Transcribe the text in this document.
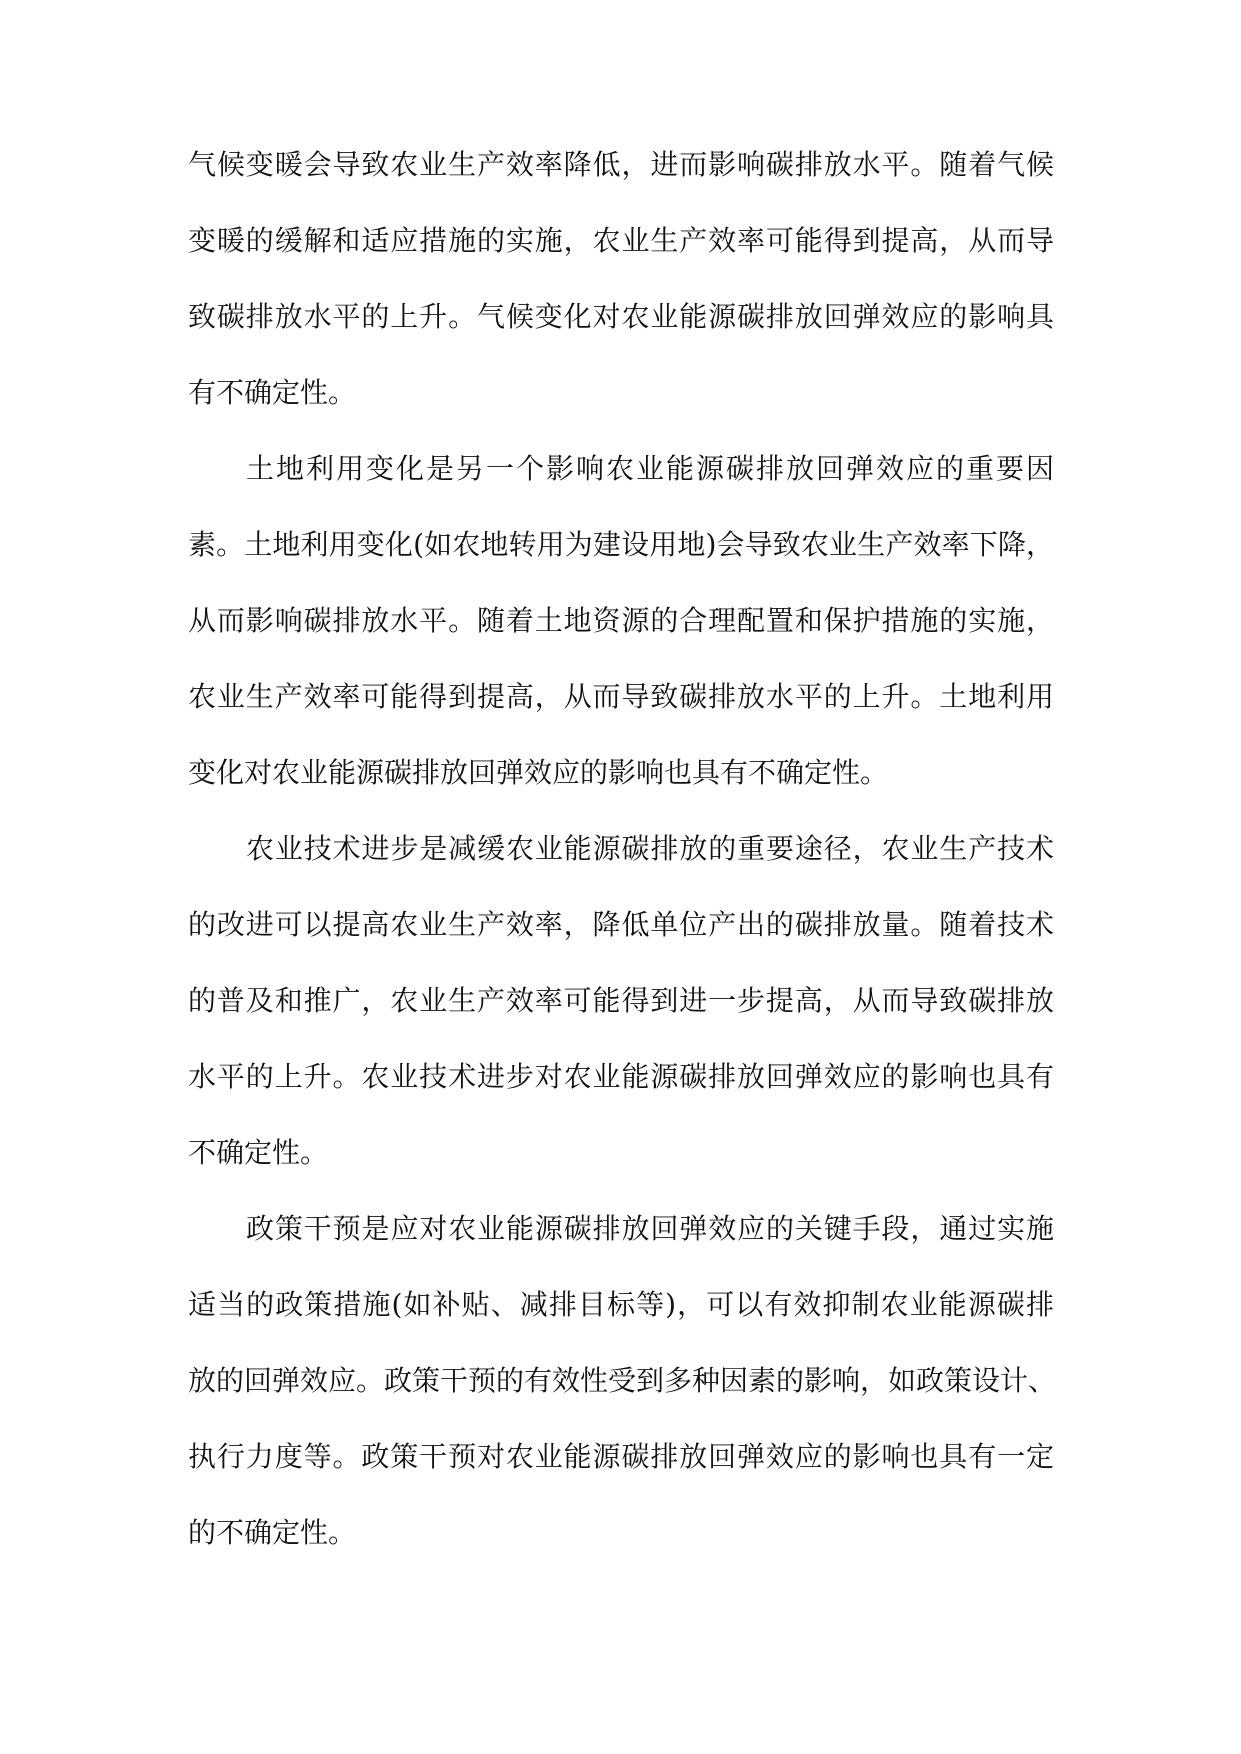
气候变暖会导致农业生产效率降低，进而影响碳排放水平。随着气候
变暖的缓解和适应措施的实施，农业生产效率可能得到提高，从而导
致碳排放水平的上升。气候变化对农业能源碳排放回弹效应的影响具
有不确定性。
土地利用变化是另一个影响农业能源碳排放回弹效应的重要因
素。土地利用变化(如农地转用为建设用地)会导致农业生产效率下降，
从而影响碳排放水平。随着土地资源的合理配置和保护措施的实施，
农业生产效率可能得到提高，从而导致碳排放水平的上升。土地利用
变化对农业能源碳排放回弹效应的影响也具有不确定性。
农业技术进步是减缓农业能源碳排放的重要途径，农业生产技术
的改进可以提高农业生产效率，降低单位产出的碳排放量。随着技术
的普及和推广，农业生产效率可能得到进一步提高，从而导致碳排放
水平的上升。农业技术进步对农业能源碳排放回弹效应的影响也具有
不确定性。
政策干预是应对农业能源碳排放回弹效应的关键手段，通过实施
适当的政策措施(如补贴、减排目标等)，可以有效抑制农业能源碳排
放的回弹效应。政策干预的有效性受到多种因素的影响，如政策设计、
执行力度等。政策干预对农业能源碳排放回弹效应的影响也具有一定
的不确定性。
